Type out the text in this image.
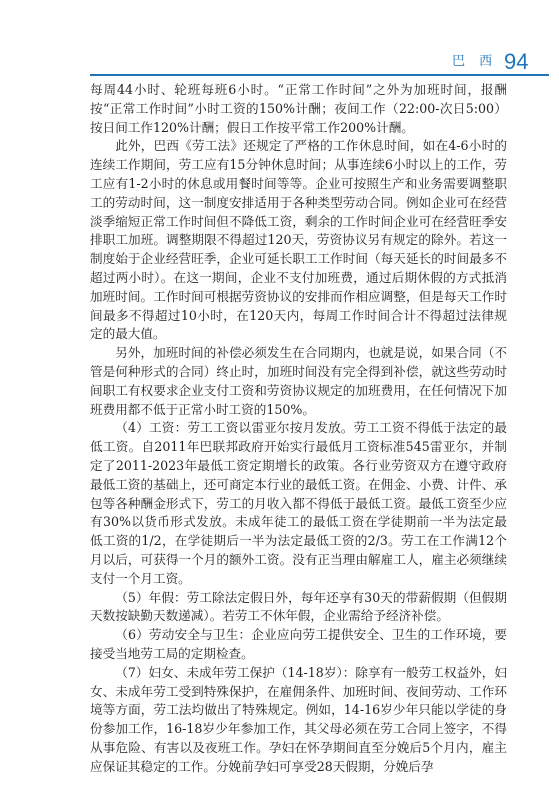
巴 西 94

每周44小时、轮班每班6小时。“正常工作时间”之外为加班时间，报酬按“正常工作时间”小时工资的150%计酬；夜间工作（22:00-次日5:00）按日间工作120%计酬；假日工作按平常工作200%计酬。

此外，巴西《劳工法》还规定了严格的工作休息时间，如在4-6小时的连续工作期间，劳工应有15分钟休息时间；从事连续6小时以上的工作，劳工应有1-2小时的休息或用餐时间等等。企业可按照生产和业务需要调整职工的劳动时间，这一制度安排适用于各种类型劳动合同。例如企业可在经营淡季缩短正常工作时间但不降低工资，剩余的工作时间企业可在经营旺季安排职工加班。调整期限不得超过120天，劳资协议另有规定的除外。若这一制度始于企业经营旺季，企业可延长职工工作时间（每天延长的时间最多不超过两小时）。在这一期间，企业不支付加班费，通过后期休假的方式抵消加班时间。工作时间可根据劳资协议的安排而作相应调整，但是每天工作时间最多不得超过10小时，在120天内，每周工作时间合计不得超过法律规定的最大值。

另外，加班时间的补偿必须发生在合同期内，也就是说，如果合同（不管是何种形式的合同）终止时，加班时间没有完全得到补偿，就这些劳动时间职工有权要求企业支付工资和劳资协议规定的加班费用，在任何情况下加班费用都不低于正常小时工资的150%。

（4）工资：劳工工资以雷亚尔按月发放。劳工工资不得低于法定的最低工资。自2011年巴联邦政府开始实行最低月工资标准545雷亚尔，并制定了2011-2023年最低工资定期增长的政策。各行业劳资双方在遵守政府最低工资的基础上，还可商定本行业的最低工资。在佣金、小费、计件、承包等各种酬金形式下，劳工的月收入都不得低于最低工资。最低工资至少应有30%以货币形式发放。未成年徒工的最低工资在学徒期前一半为法定最低工资的1/2，在学徒期后一半为法定最低工资的2/3。劳工在工作满12个月以后，可获得一个月的额外工资。没有正当理由解雇工人，雇主必须继续支付一个月工资。

（5）年假：劳工除法定假日外，每年还享有30天的带薪假期（但假期天数按缺勤天数递减）。若劳工不休年假，企业需给予经济补偿。

（6）劳动安全与卫生：企业应向劳工提供安全、卫生的工作环境，要接受当地劳工局的定期检查。

（7）妇女、未成年劳工保护（14-18岁）：除享有一般劳工权益外，妇女、未成年劳工受到特殊保护，在雇佣条件、加班时间、夜间劳动、工作环境等方面，劳工法均做出了特殊规定。例如，14-16岁少年只能以学徒的身份参加工作，16-18岁少年参加工作，其父母必须在劳工合同上签字，不得从事危险、有害以及夜班工作。孕妇在怀孕期间直至分娩后5个月内，雇主应保证其稳定的工作。分娩前孕妇可享受28天假期，分娩后孕
